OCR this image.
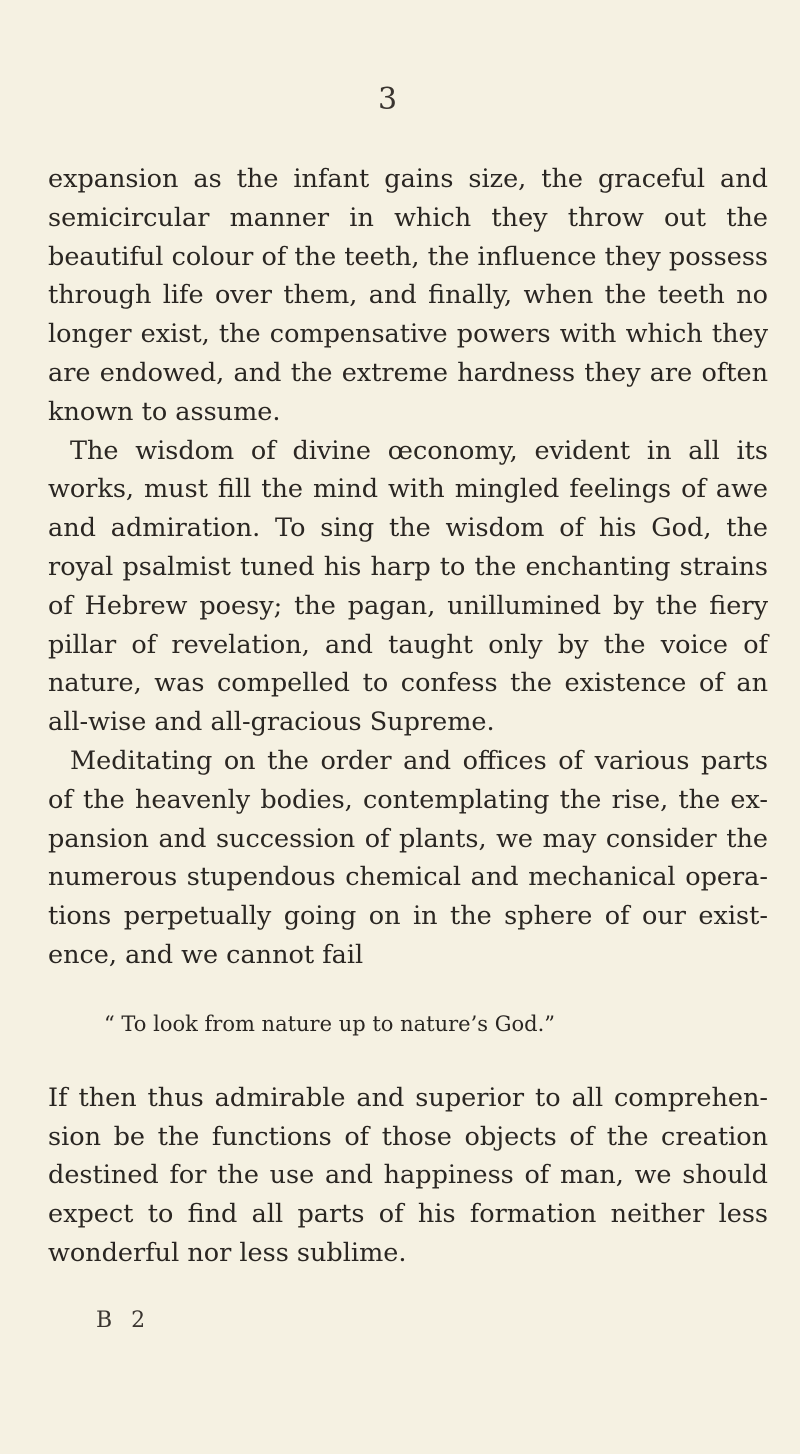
3

expansion as the infant gains size, the graceful and
semicircular manner in which they throw out the
beautiful colour of the teeth, the influence they possess
through life over them, and finally, when the teeth no
longer exist, the compensative powers with which they
are endowed, and the extreme hardness they are often
known to assume.

The wisdom of divine œconomy, evident in all its
works, must fill the mind with mingled feelings of awe
and admiration. To sing the wisdom of his God, the
royal psalmist tuned his harp to the enchanting strains
of Hebrew poesy; the pagan, unillumined by the fiery
pillar of revelation, and taught only by the voice of
nature, was compelled to confess the existence of an
all-wise and all-gracious Supreme.

Meditating on the order and offices of various parts
of the heavenly bodies, contemplating the rise, the ex-
pansion and succession of plants, we may consider the
numerous stupendous chemical and mechanical opera-
tions perpetually going on in the sphere of our exist-
ence, and we cannot fail

“ To look from nature up to nature’s God.”

If then thus admirable and superior to all comprehen-
sion be the functions of those objects of the creation
destined for the use and happiness of man, we should
expect to find all parts of his formation neither less
wonderful nor less sublime.

B 2
